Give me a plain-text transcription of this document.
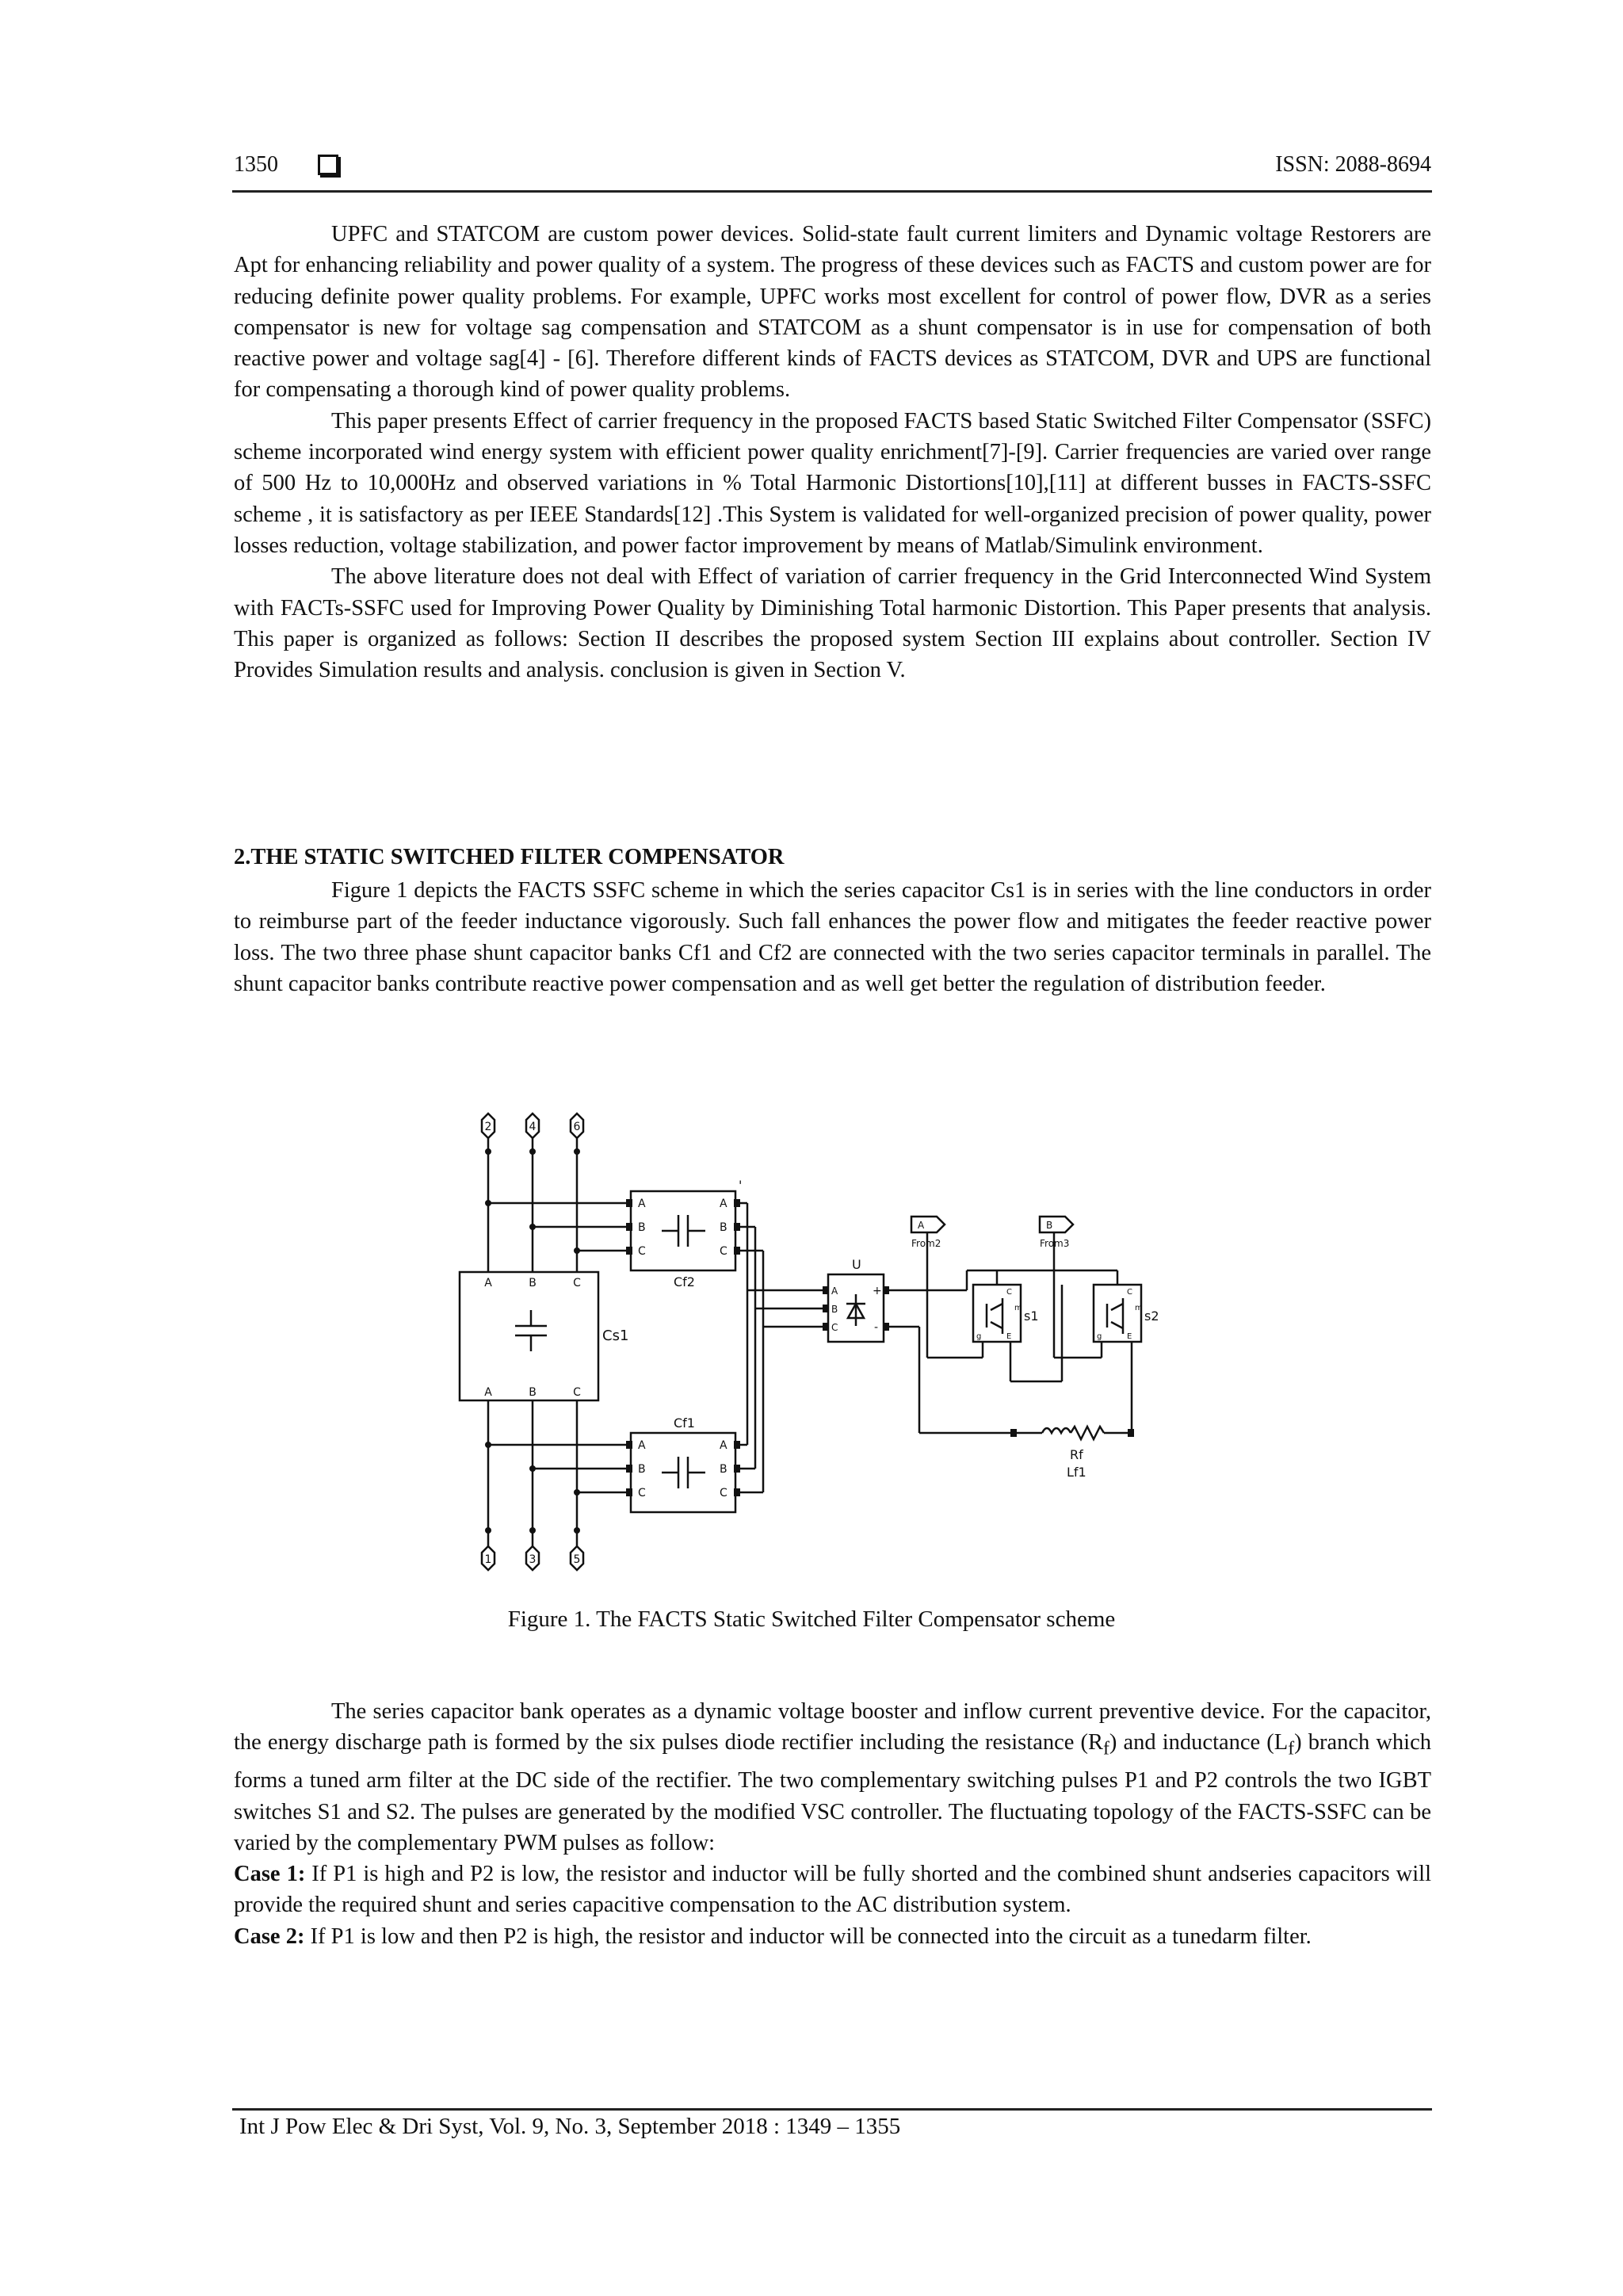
1350	ISSN: 2088-8694

UPFC and STATCOM are custom power devices. Solid-state fault current limiters and Dynamic voltage Restorers are Apt for enhancing reliability and power quality of a system. The progress of these devices such as FACTS and custom power are for reducing definite power quality problems. For example, UPFC works most excellent for control of power flow, DVR as a series compensator is new for voltage sag compensation and STATCOM as a shunt compensator is in use for compensation of both reactive power and voltage sag[4] - [6]. Therefore different kinds of FACTS devices as STATCOM, DVR and UPS are functional for compensating a thorough kind of power quality problems.

This paper presents Effect of carrier frequency in the proposed FACTS based Static Switched Filter Compensator (SSFC) scheme incorporated wind energy system with efficient power quality enrichment[7]-[9]. Carrier frequencies are varied over range of 500 Hz to 10,000Hz and observed variations in % Total Harmonic Distortions[10],[11] at different busses in FACTS-SSFC scheme , it is satisfactory as per IEEE Standards[12] .This System is validated for well-organized precision of power quality, power losses reduction, voltage stabilization, and power factor improvement by means of Matlab/Simulink environment.

The above literature does not deal with Effect of variation of carrier frequency in the Grid Interconnected Wind System with FACTs-SSFC used for Improving Power Quality by Diminishing Total harmonic Distortion. This Paper presents that analysis. This paper is organized as follows: Section II describes the proposed system Section III explains about controller. Section IV Provides Simulation results and analysis. conclusion is given in Section V.

2.THE STATIC SWITCHED FILTER COMPENSATOR

Figure 1 depicts the FACTS SSFC scheme in which the series capacitor Cs1 is in series with the line conductors in order to reimburse part of the feeder inductance vigorously. Such fall enhances the power flow and mitigates the feeder reactive power loss. The two three phase shunt capacitor banks Cf1 and Cf2 are connected with the two series capacitor terminals in parallel. The shunt capacitor banks contribute reactive power compensation and as well get better the regulation of distribution feeder.

2	4	6
1	3	5
A	B	C
A	B	C
Cs1
A
B
C
A
B
C
Cf2
'
Cf1
A
B
C
A
B
C
U
A
B
C
+
-
A
From2
B
From3
s1	s2
g
C
E
m
g
C
E
m
Rf
Lf1
Figure 1. The FACTS Static Switched Filter Compensator scheme

The series capacitor bank operates as a dynamic voltage booster and inflow current preventive device. For the capacitor, the energy discharge path is formed by the six pulses diode rectifier including the resistance $(R_f)$ and inductance $(L_f)$ branch which forms a tuned arm filter at the DC side of the rectifier. The two complementary switching pulses P1 and P2 controls the two IGBT switches S1 and S2. The pulses are generated by the modified VSC controller. The fluctuating topology of the FACTS-SSFC can be varied by the complementary PWM pulses as follow:

Case 1: If P1 is high and P2 is low, the resistor and inductor will be fully shorted and the combined shunt andseries capacitors will provide the required shunt and series capacitive compensation to the AC distribution system.

Case 2: If P1 is low and then P2 is high, the resistor and inductor will be connected into the circuit as a tunedarm filter.

Int J Pow Elec & Dri Syst, Vol. 9, No. 3, September 2018 : 1349 – 1355
